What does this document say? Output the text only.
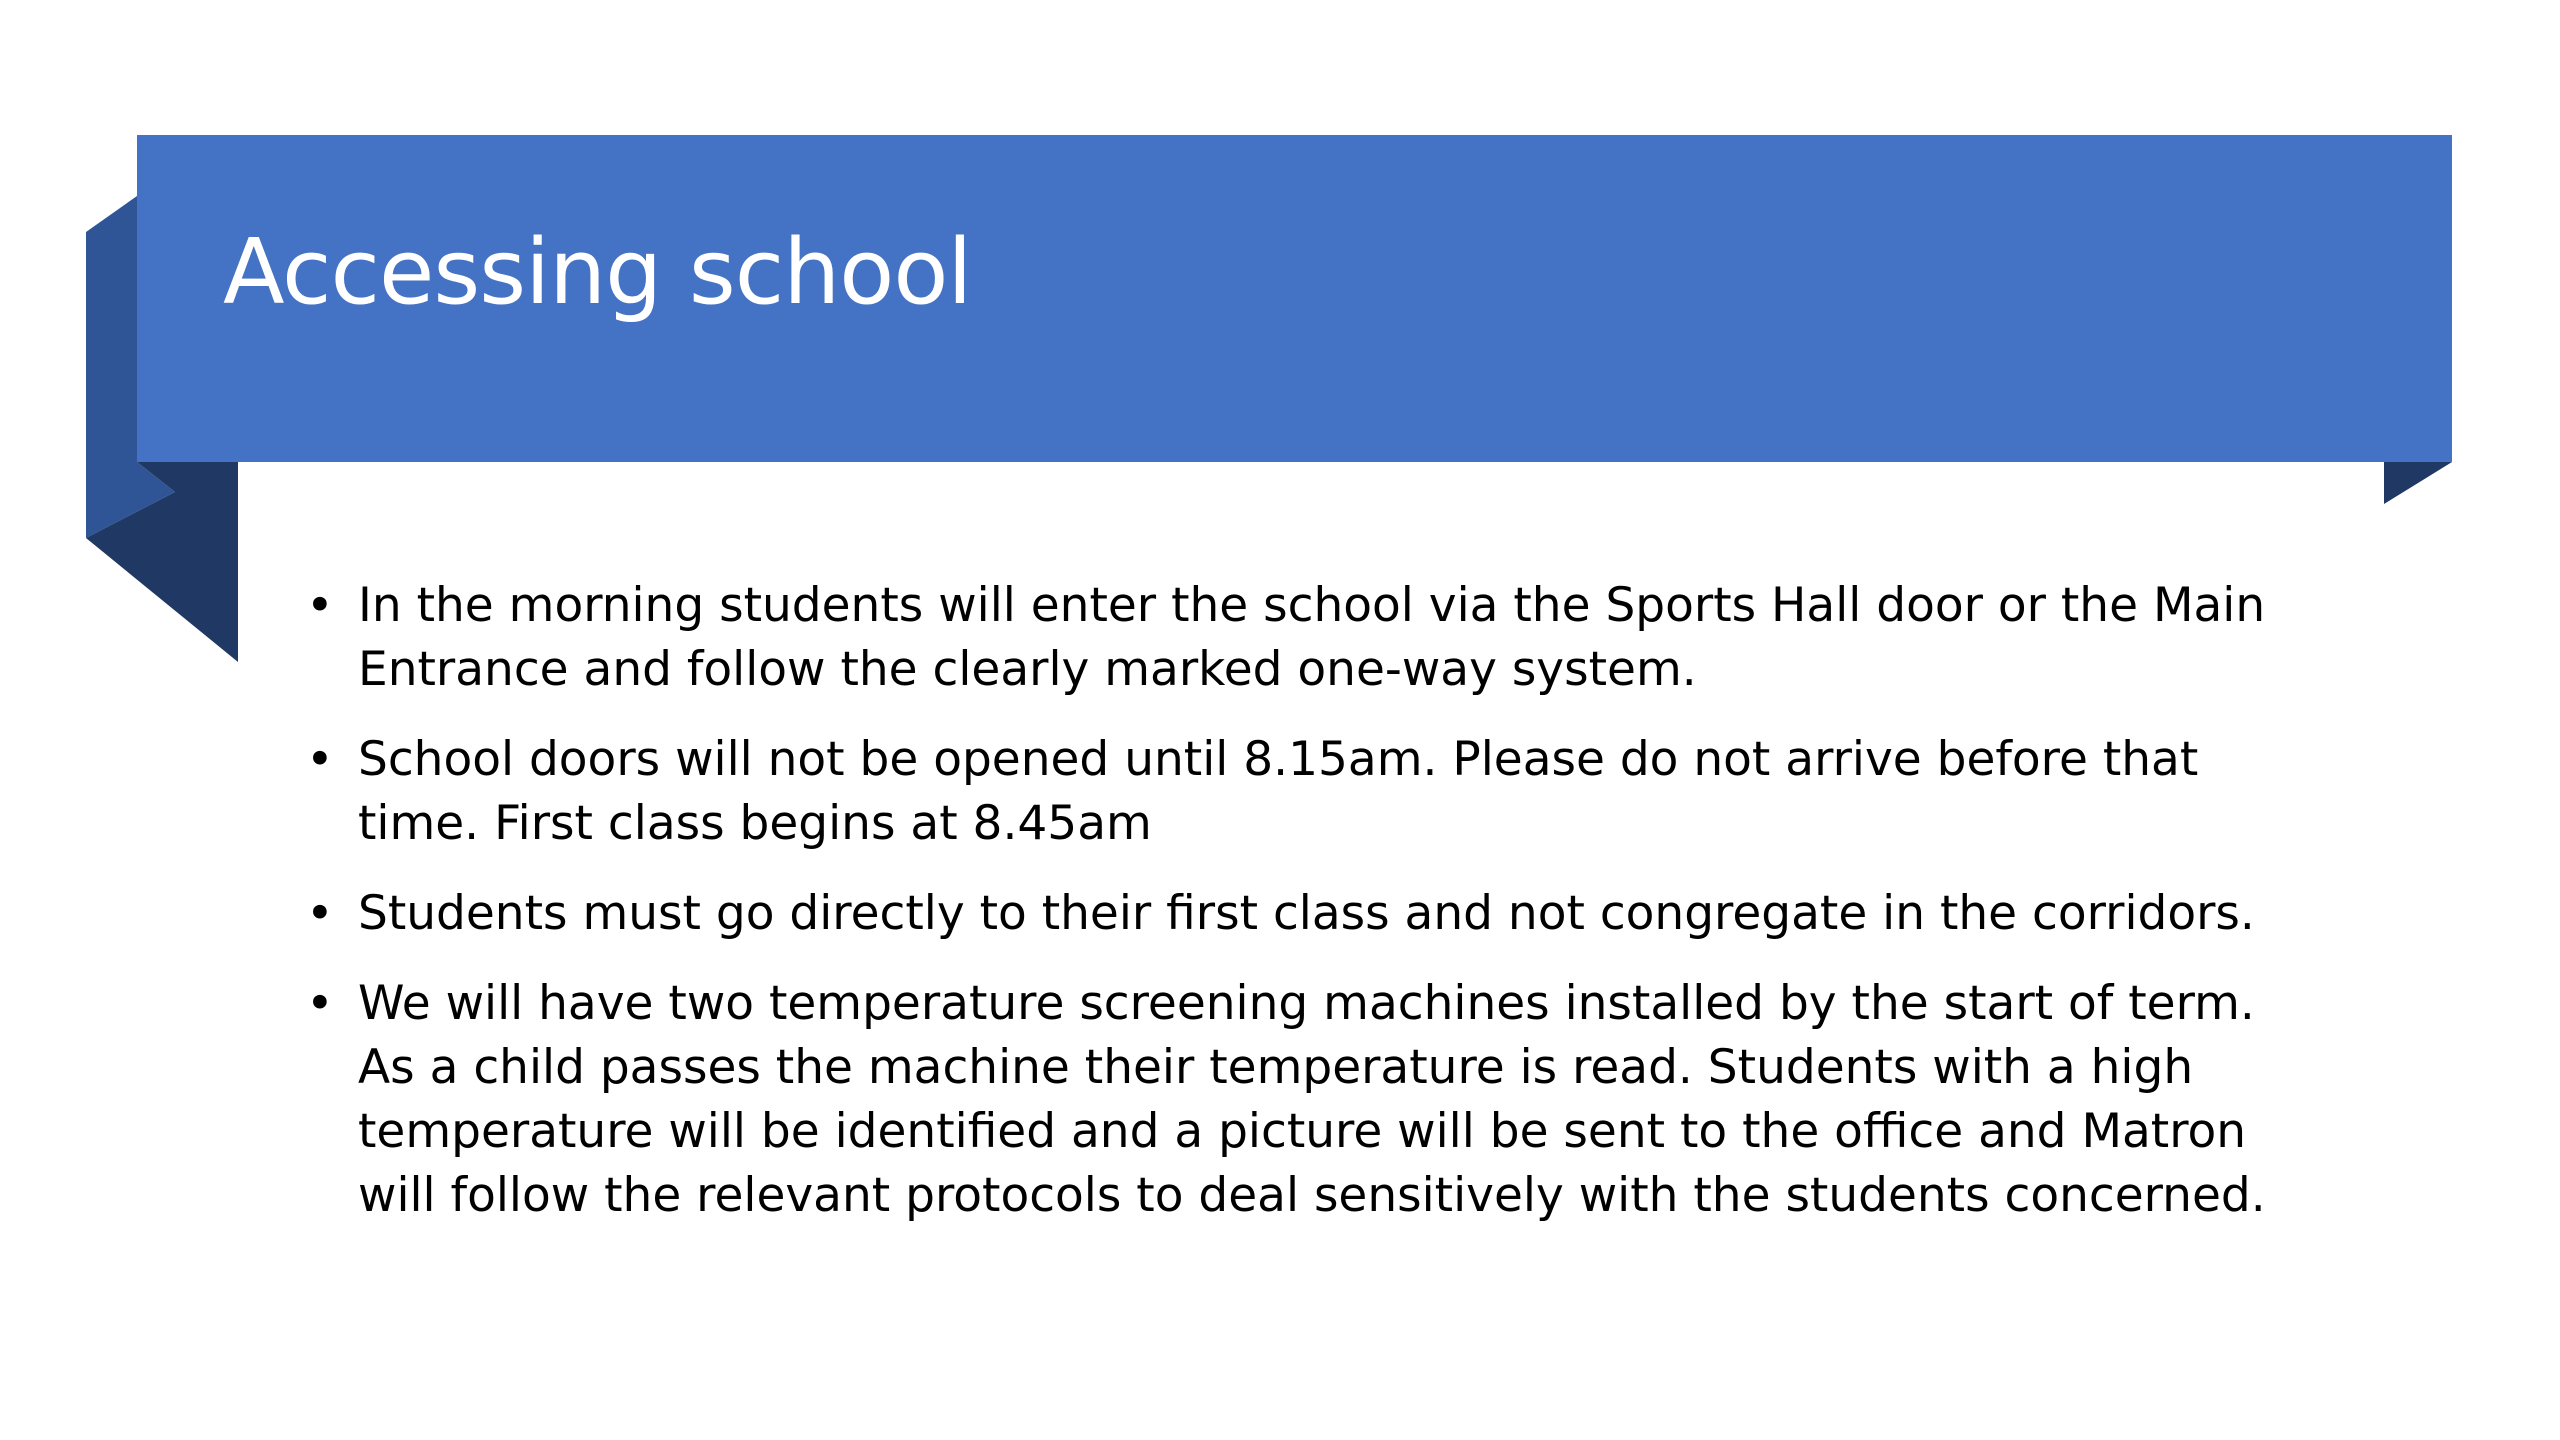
Accessing school
• In the morning students will enter the school via the Sports Hall door or the Main
Entrance and follow the clearly marked one-way system.
• School doors will not be opened until 8.15am. Please do not arrive before that
time. First class begins at 8.45am
• Students must go directly to their first class and not congregate in the corridors.
• We will have two temperature screening machines installed by the start of term.
As a child passes the machine their temperature is read. Students with a high
temperature will be identified and a picture will be sent to the office and Matron
will follow the relevant protocols to deal sensitively with the students concerned.
